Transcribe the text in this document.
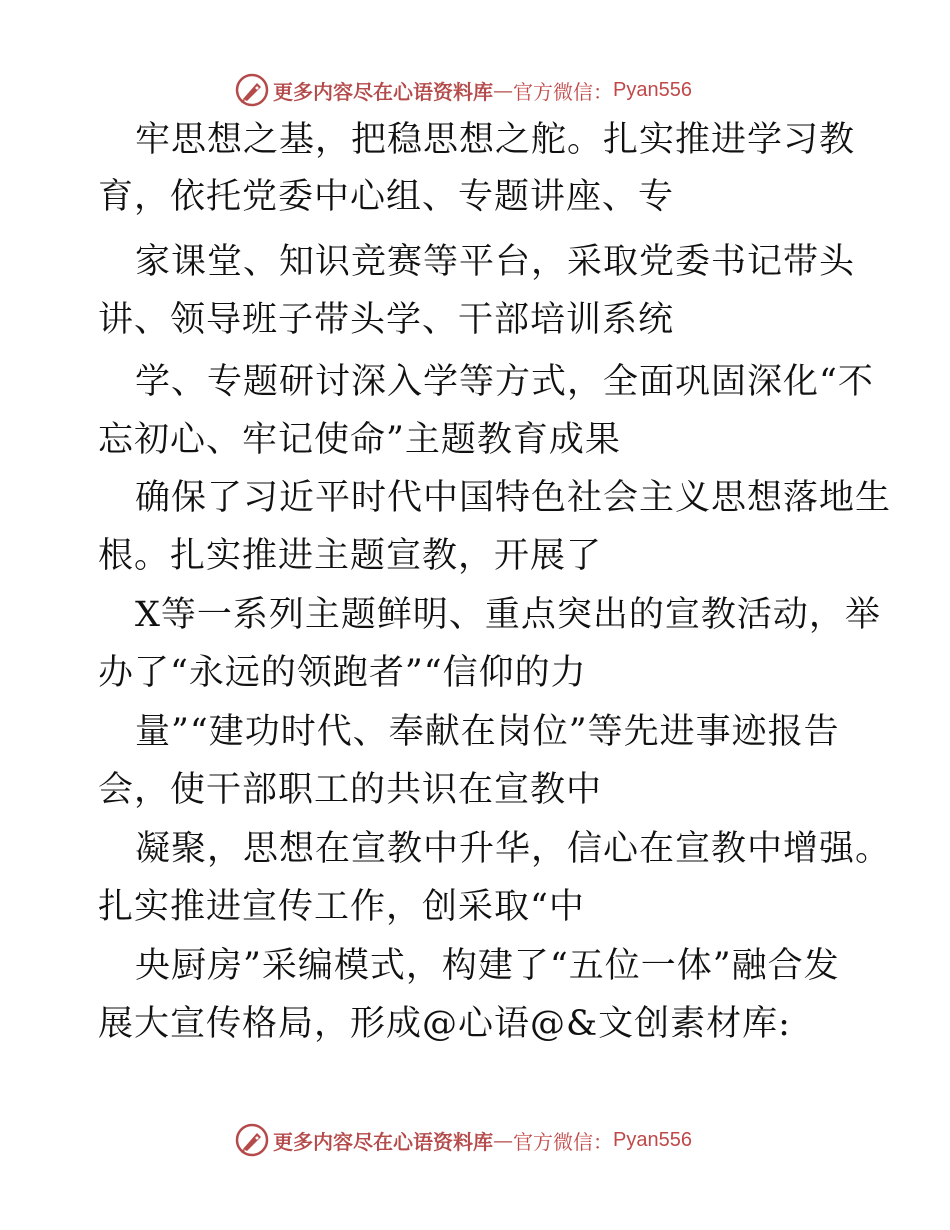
更多内容尽在心语资料库 — 官方微信： Pyan556
牢思想之基，把稳思想之舵。扎实推进学习教
育，依托党委中心组、专题讲座、专
家课堂、知识竞赛等平台，采取党委书记带头
讲、领导班子带头学、干部培训系统
学、专题研讨深入学等方式，全面巩固深化“不
忘初心、牢记使命”主题教育成果
确保了习近平时代中国特色社会主义思想落地生
根。扎实推进主题宣教，开展了
X等一系列主题鲜明、重点突出的宣教活动，举
办了“永远的领跑者”“信仰的力
量”“建功时代、奉献在岗位”等先进事迹报告
会，使干部职工的共识在宣教中
凝聚，思想在宣教中升华，信心在宣教中增强。
扎实推进宣传工作，创采取“中
央厨房”采编模式，构建了“五位一体”融合发
展大宣传格局，形成@心语@&文创素材库:
更多内容尽在心语资料库 — 官方微信： Pyan556
